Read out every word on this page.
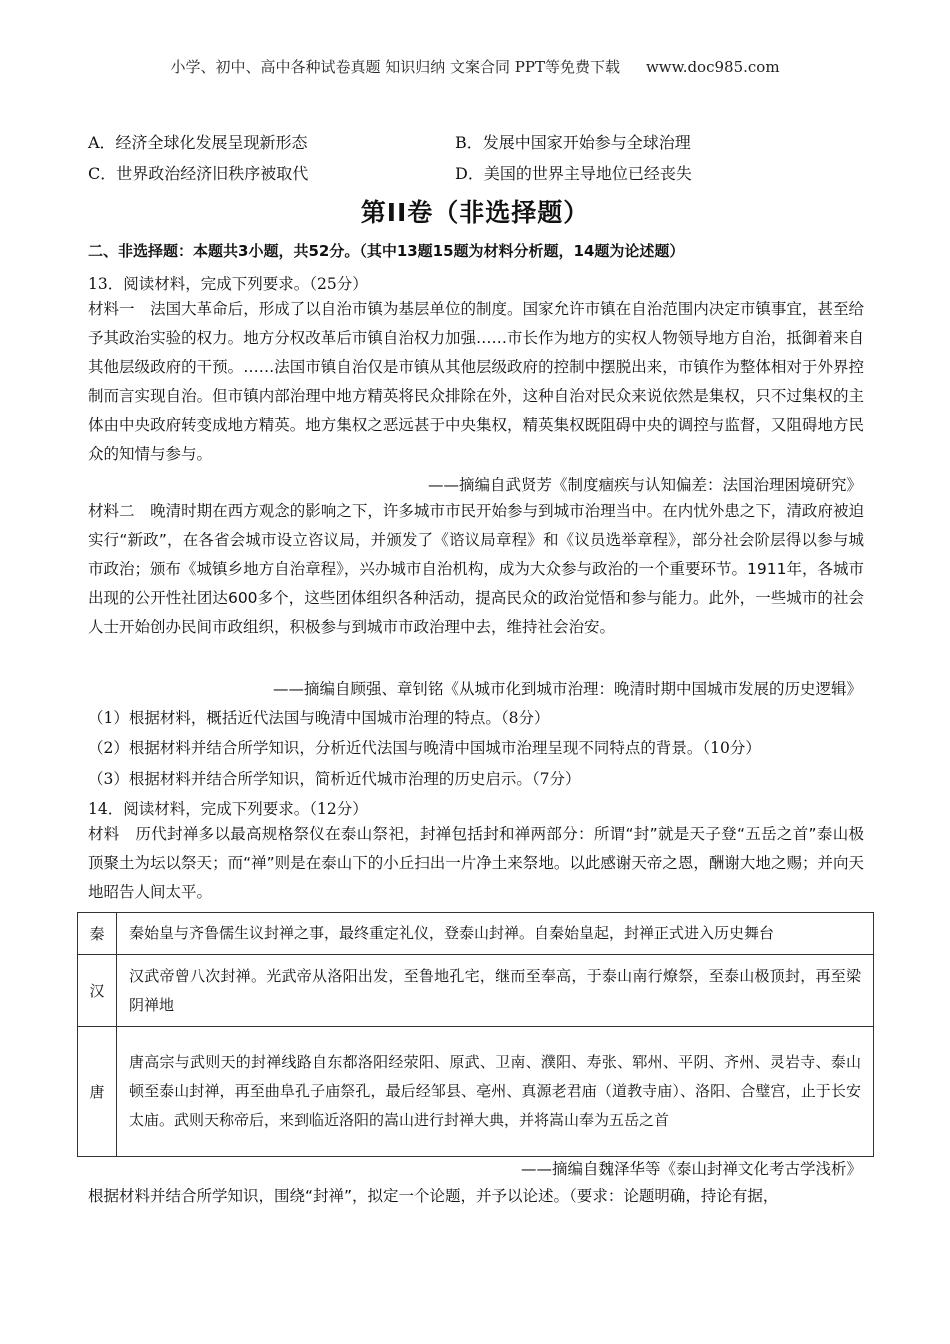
小学、初中、高中各种试卷真题 知识归纳 文案合同 PPT等免费下载 www.doc985.com
A．经济全球化发展呈现新形态	B．发展中国家开始参与全球治理
C．世界政治经济旧秩序被取代	D．美国的世界主导地位已经丧失
第II卷（非选择题）
二、非选择题：本题共3小题，共52分。（其中13题15题为材料分析题，14题为论述题）
13．阅读材料，完成下列要求。（25分）
材料一　法国大革命后，形成了以自治市镇为基层单位的制度。国家允许市镇在自治范围内决定市镇事宜，甚至给予其政治实验的权力。地方分权改革后市镇自治权力加强……市长作为地方的实权人物领导地方自治，抵御着来自其他层级政府的干预。……法国市镇自治仅是市镇从其他层级政府的控制中摆脱出来，市镇作为整体相对于外界控制而言实现自治。但市镇内部治理中地方精英将民众排除在外，这种自治对民众来说依然是集权，只不过集权的主体由中央政府转变成地方精英。地方集权之恶远甚于中央集权，精英集权既阻碍中央的调控与监督，又阻碍地方民众的知情与参与。
——摘编自武贤芳《制度痼疾与认知偏差：法国治理困境研究》
材料二　晚清时期在西方观念的影响之下，许多城市市民开始参与到城市治理当中。在内忧外患之下，清政府被迫实行“新政”，在各省会城市设立咨议局，并颁发了《谘议局章程》和《议员选举章程》，部分社会阶层得以参与城市政治；颁布《城镇乡地方自治章程》，兴办城市自治机构，成为大众参与政治的一个重要环节。1911年，各城市出现的公开性社团达600多个，这些团体组织各种活动，提高民众的政治觉悟和参与能力。此外，一些城市的社会人士开始创办民间市政组织，积极参与到城市市政治理中去，维持社会治安。
——摘编自顾强、章钊铭《从城市化到城市治理：晚清时期中国城市发展的历史逻辑》
（1）根据材料，概括近代法国与晚清中国城市治理的特点。（8分）
（2）根据材料并结合所学知识，分析近代法国与晚清中国城市治理呈现不同特点的背景。（10分）
（3）根据材料并结合所学知识，简析近代城市治理的历史启示。（7分）
14．阅读材料，完成下列要求。（12分）
材料　历代封禅多以最高规格祭仪在泰山祭祀，封禅包括封和禅两部分：所谓“封”就是天子登“五岳之首”泰山极顶聚土为坛以祭天；而“禅”则是在泰山下的小丘扫出一片净土来祭地。以此感谢天帝之恩，酬谢大地之赐；并向天地昭告人间太平。
秦	秦始皇与齐鲁儒生议封禅之事，最终重定礼仪，登泰山封禅。自秦始皇起，封禅正式进入历史舞台
汉	汉武帝曾八次封禅。光武帝从洛阳出发，至鲁地孔宅，继而至奉高，于泰山南行燎祭，至泰山极顶封，再至梁阴禅地
唐	唐高宗与武则天的封禅线路自东都洛阳经荥阳、原武、卫南、濮阳、寿张、郓州、平阴、齐州、灵岩寺、泰山顿至泰山封禅，再至曲阜孔子庙祭孔，最后经邹县、亳州、真源老君庙（道教寺庙）、洛阳、合璧宫，止于长安太庙。武则天称帝后，来到临近洛阳的嵩山进行封禅大典，并将嵩山奉为五岳之首
——摘编自魏泽华等《泰山封禅文化考古学浅析》
根据材料并结合所学知识，围绕“封禅”，拟定一个论题，并予以论述。（要求：论题明确，持论有据，
